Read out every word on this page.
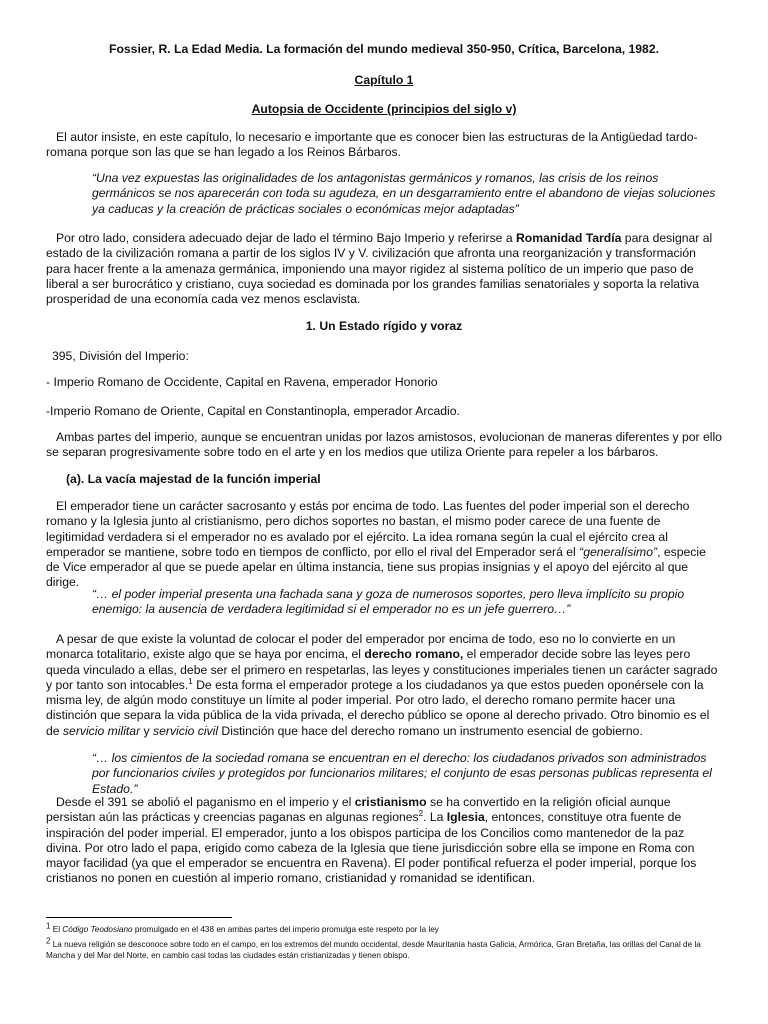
Fossier, R. La Edad Media. La formación del mundo medieval 350-950, Crítica, Barcelona, 1982.
Capítulo 1
Autopsia de Occidente (principios del siglo v)
El autor insiste, en este capítulo, lo necesario e importante que es conocer bien las estructuras de la Antigüedad tardo-romana porque son las que se han legado a los Reinos Bárbaros.
“Una vez expuestas las originalidades de los antagonistas germánicos y romanos, las crisis de los reinos germánicos se nos aparecerán con toda su agudeza, en un desgarramiento entre el abandono de viejas soluciones ya caducas y la creación de prácticas sociales o económicas mejor adaptadas”
Por otro lado, considera adecuado dejar de lado el término Bajo Imperio y referirse a Romanidad Tardía para designar al estado de la civilización romana a partir de los siglos IV y V. civilización que afronta una reorganización y transformación para hacer frente a la amenaza germánica, imponiendo una mayor rigidez al sistema político de un imperio que paso de liberal a ser burocrático y cristiano, cuya sociedad es dominada por los grandes familias senatoriales y soporta la relativa prosperidad de una economía cada vez menos esclavista.
1. Un Estado rígido y voraz
395, División del Imperio:
- Imperio Romano de Occidente, Capital en Ravena, emperador Honorio
-Imperio Romano de Oriente, Capital en Constantinopla, emperador Arcadio.
Ambas partes del imperio, aunque se encuentran unidas por lazos amistosos, evolucionan de maneras diferentes y por ello se separan progresivamente sobre todo en el arte y en los medios que utiliza Oriente para repeler a los bárbaros.
(a). La vacía majestad de la función imperial
El emperador tiene un carácter sacrosanto y estás por encima de todo. Las fuentes del poder imperial son el derecho romano y la Iglesia junto al cristianismo, pero dichos soportes no bastan, el mismo poder carece de una fuente de legitimidad verdadera si el emperador no es avalado por el ejército. La idea romana según la cual el ejército crea al emperador se mantiene, sobre todo en tiempos de conflicto, por ello el rival del Emperador será el “generalísimo”, especie de Vice emperador al que se puede apelar en última instancia, tiene sus propias insignias y el apoyo del ejército al que dirige.
“… el poder imperial presenta una fachada sana y goza de numerosos soportes, pero lleva implícito su propio enemigo: la ausencia de verdadera legitimidad si el emperador no es un jefe guerrero…”
A pesar de que existe la voluntad de colocar el poder del emperador por encima de todo, eso no lo convierte en un monarca totalitario, existe algo que se haya por encima, el derecho romano, el emperador decide sobre las leyes pero queda vinculado a ellas, debe ser el primero en respetarlas, las leyes y constituciones imperiales tienen un carácter sagrado y por tanto son intocables.$^1$ De esta forma el emperador protege a los ciudadanos ya que estos pueden oponérsele con la misma ley, de algún modo constituye un límite al poder imperial. Por otro lado, el derecho romano permite hacer una distinción que separa la vida pública de la vida privada, el derecho público se opone al derecho privado. Otro binomio es el de servicio militar y servicio civil Distinción que hace del derecho romano un instrumento esencial de gobierno.
“… los cimientos de la sociedad romana se encuentran en el derecho: los ciudadanos privados son administrados por funcionarios civiles y protegidos por funcionarios militares; el conjunto de esas personas publicas representa el Estado.”
Desde el 391 se abolió el paganismo en el imperio y el cristianismo se ha convertido en la religión oficial aunque persistan aún las prácticas y creencias paganas en algunas regiones$^2$. La Iglesia, entonces, constituye otra fuente de inspiración del poder imperial. El emperador, junto a los obispos participa de los Concilios como mantenedor de la paz divina. Por otro lado el papa, erigido como cabeza de la Iglesia que tiene jurisdicción sobre ella se impone en Roma con mayor facilidad (ya que el emperador se encuentra en Ravena). El poder pontifical refuerza el poder imperial, porque los cristianos no ponen en cuestión al imperio romano, cristianidad y romanidad se identifican.
$^1$ El Código Teodosiano promulgado en el 438 en ambas partes del imperio promulga este respeto por la ley
$^2$ La nueva religión se desconoce sobre todo en el campo, en los extremos del mundo occidental, desde Mauritania hasta Galicia, Armórica, Gran Bretaña, las orillas del Canal de la Mancha y del Mar del Norte, en cambio casi todas las ciudades están cristianizadas y tienen obispo.
